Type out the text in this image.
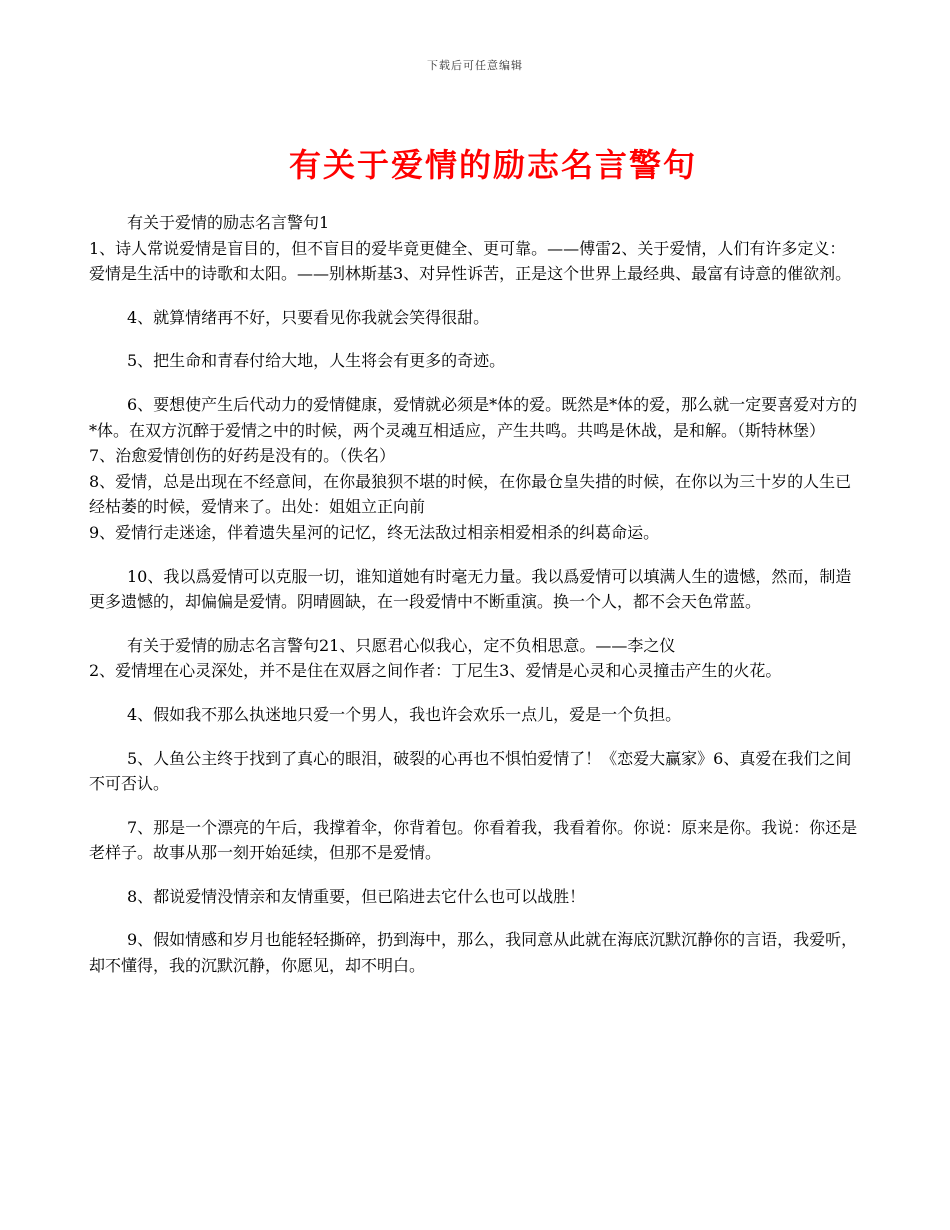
下载后可任意编辑
有关于爱情的励志名言警句

有关于爱情的励志名言警句1

1、诗人常说爱情是盲目的，但不盲目的爱毕竟更健全、更可靠。——傅雷2、关于爱情，人们有许多定义：爱情是生活中的诗歌和太阳。——别林斯基3、对异性诉苦，正是这个世界上最经典、最富有诗意的催欲剂。

4、就算情绪再不好，只要看见你我就会笑得很甜。

5、把生命和青春付给大地，人生将会有更多的奇迹。

6、要想使产生后代动力的爱情健康，爱情就必须是*体的爱。既然是*体的爱，那么就一定要喜爱对方的*体。在双方沉醉于爱情之中的时候，两个灵魂互相适应，产生共鸣。共鸣是休战，是和解。（斯特林堡）

7、治愈爱情创伤的好药是没有的。（佚名）

8、爱情，总是出现在不经意间，在你最狼狈不堪的时候，在你最仓皇失措的时候，在你以为三十岁的人生已经枯萎的时候，爱情来了。出处：姐姐立正向前

9、爱情行走迷途，伴着遗失星河的记忆，终无法敌过相亲相爱相杀的纠葛命运。

10、我以爲爱情可以克服一切，谁知道她有时毫无力量。我以爲爱情可以填满人生的遗憾，然而，制造更多遗憾的，却偏偏是爱情。阴晴圆缺，在一段爱情中不断重演。换一个人，都不会天色常蓝。

有关于爱情的励志名言警句21、只愿君心似我心，定不负相思意。——李之仪

2、爱情埋在心灵深处，并不是住在双唇之间作者：丁尼生3、爱情是心灵和心灵撞击产生的火花。

4、假如我不那么执迷地只爱一个男人，我也许会欢乐一点儿，爱是一个负担。

5、人鱼公主终于找到了真心的眼泪，破裂的心再也不惧怕爱情了！《恋爱大赢家》6、真爱在我们之间不可否认。

7、那是一个漂亮的午后，我撑着伞，你背着包。你看着我，我看着你。你说：原来是你。我说：你还是老样子。故事从那一刻开始延续，但那不是爱情。

8、都说爱情没情亲和友情重要，但已陷进去它什么也可以战胜！

9、假如情感和岁月也能轻轻撕碎，扔到海中，那么，我同意从此就在海底沉默沉静你的言语，我爱听，却不懂得，我的沉默沉静，你愿见，却不明白。
